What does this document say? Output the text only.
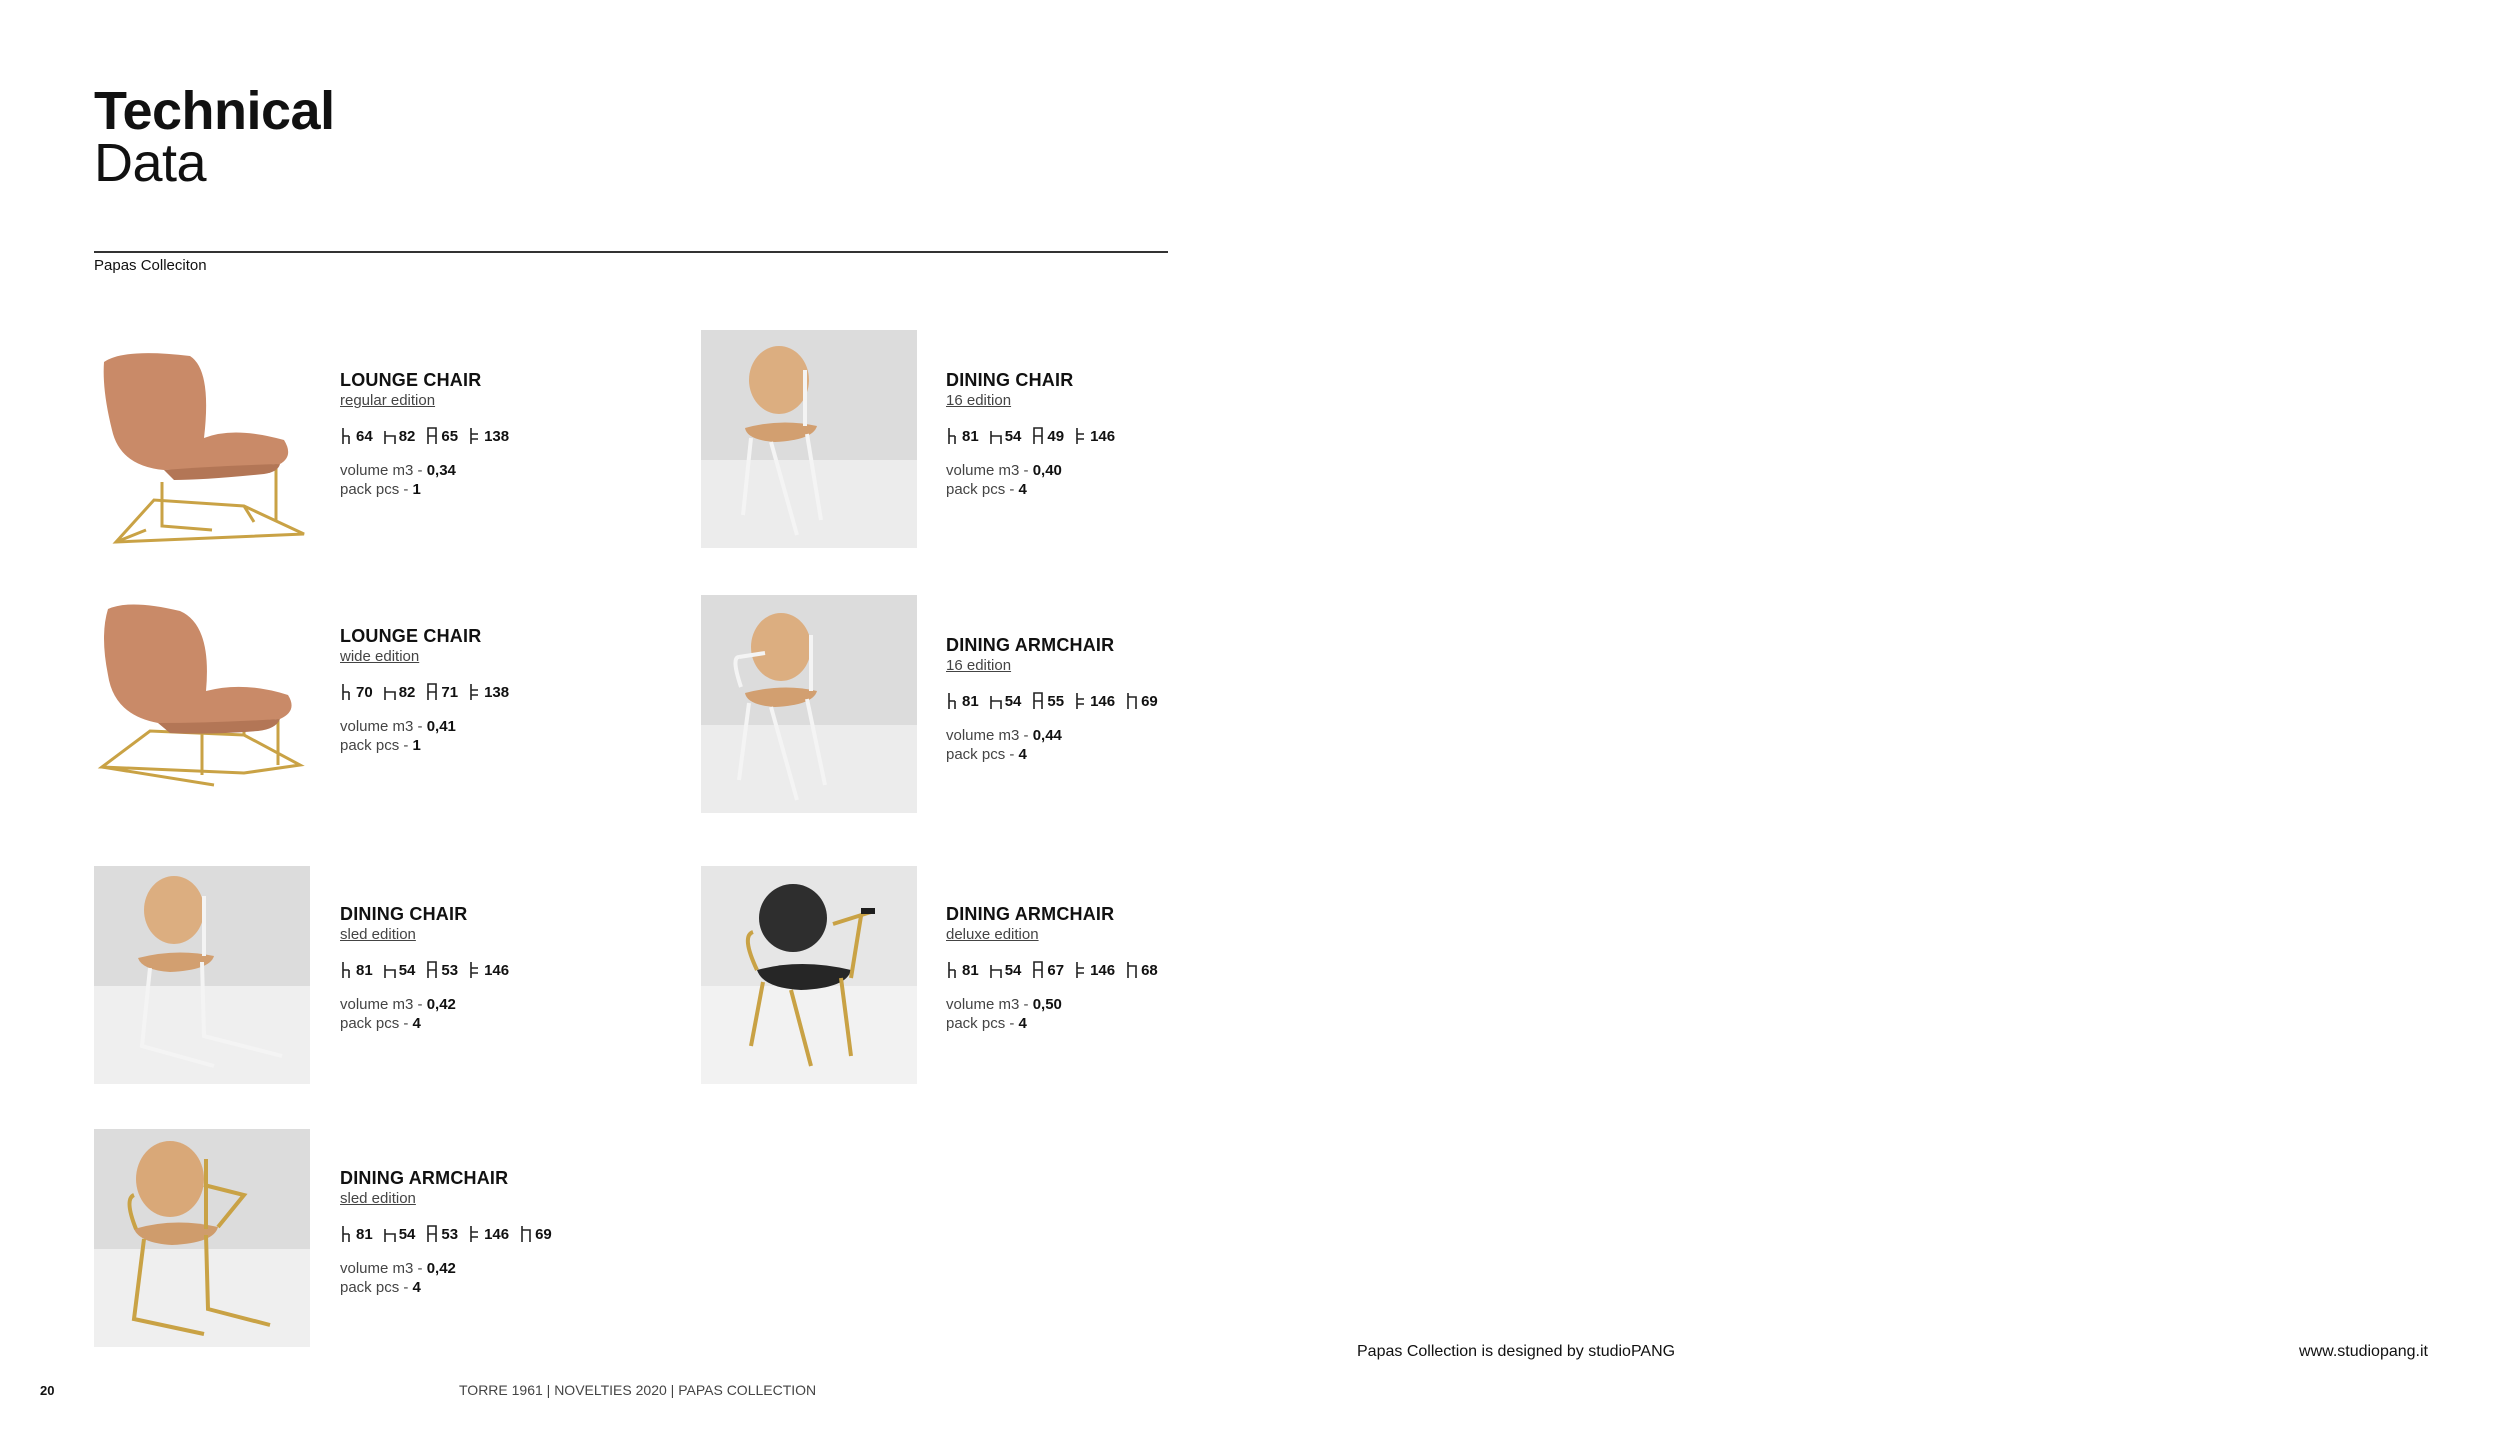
Technical
Data
Papas Colleciton
LOUNGE CHAIR
regular edition
64 82 65 138
volume m3 - 0,34
pack pcs - 1
DINING CHAIR
16 edition
81 54 49 146
volume m3 - 0,40
pack pcs - 4
LOUNGE CHAIR
wide edition
70 82 71 138
volume m3 - 0,41
pack pcs - 1
DINING ARMCHAIR
16 edition
81 54 55 146 69
volume m3 - 0,44
pack pcs - 4
DINING CHAIR
sled edition
81 54 53 146
volume m3 - 0,42
pack pcs - 4
DINING ARMCHAIR
deluxe edition
81 54 67 146 68
volume m3 - 0,50
pack pcs - 4
DINING ARMCHAIR
sled edition
81 54 53 146 69
volume m3 - 0,42
pack pcs - 4
20	TORRE 1961 | NOVELTIES 2020 | PAPAS COLLECTION
Papas Collection is designed by studioPANG	www.studiopang.it
